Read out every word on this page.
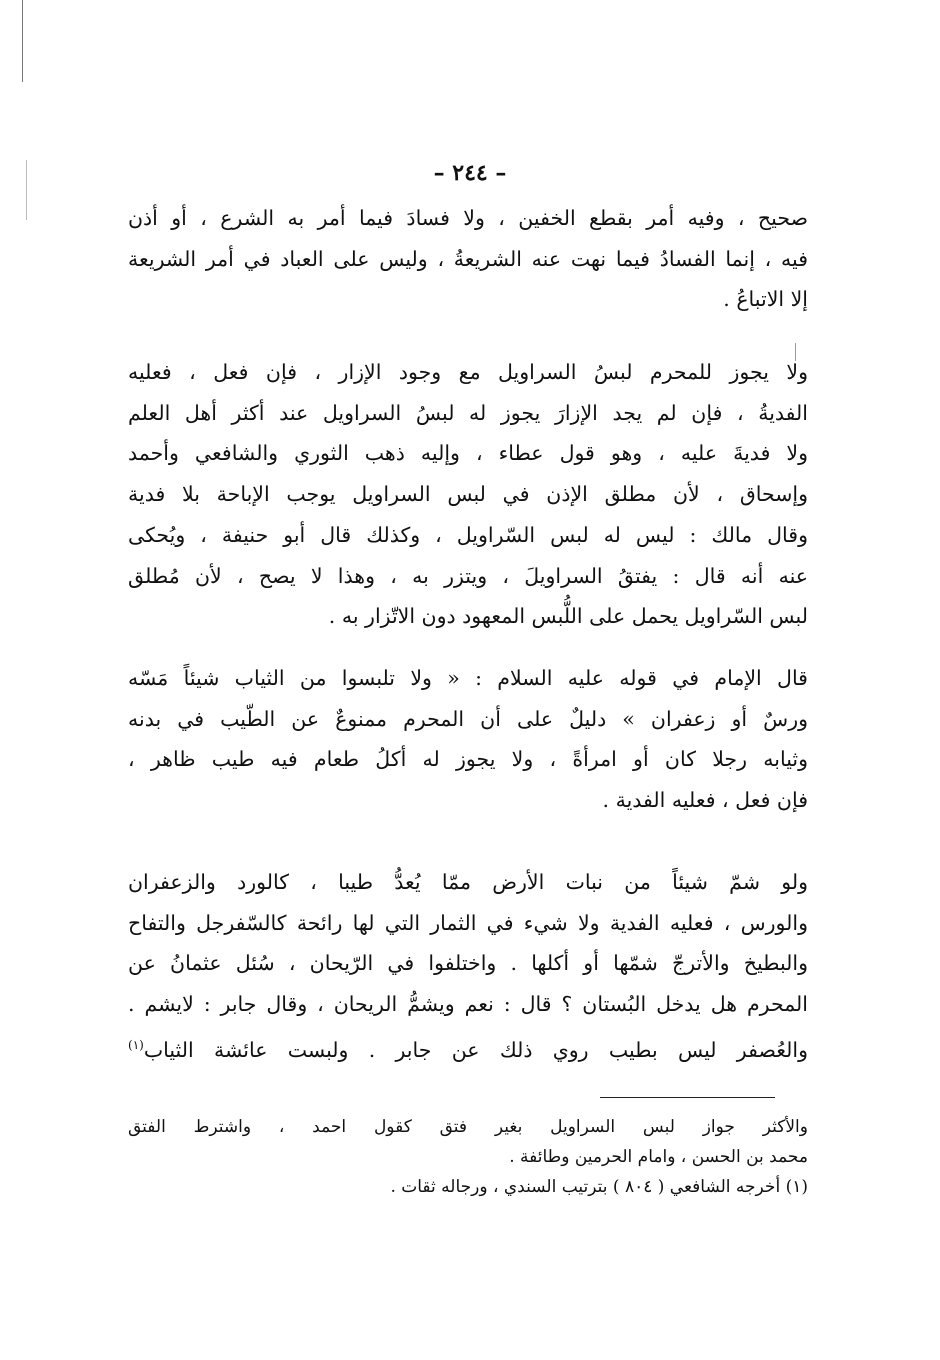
– ٢٤٤ –

صحيح ، وفيه أمر بقطع الخفين ، ولا فسادَ فيما أمر به الشرع ، أو أذن

فيه ، إنما الفسادُ فيما نهت عنه الشريعةُ ، وليس على العباد في أمر الشريعة

إلا الاتباعُ .

ولا يجوز للمحرم لبسُ السراويل مع وجود الإزار ، فإن فعل ، فعليه

الفديةُ ، فإن لم يجد الإزارَ يجوز له لبسُ السراويل عند أكثر أهل العلم

ولا فديةَ عليه ، وهو قول عطاء ، وإليه ذهب الثوري والشافعي وأحمد

وإسحاق ، لأن مطلق الإذن في لبس السراويل يوجب الإباحة بلا فدية

وقال مالك : ليس له لبس السّراويل ، وكذلك قال أبو حنيفة ، ويُحكى

عنه أنه قال : يفتقُ السراويلَ ، ويتزر به ، وهذا لا يصح ، لأن مُطلق

لبس السّراويل يحمل على اللُّبس المعهود دون الاتّزار به .

قال الإمام في قوله عليه السلام : « ولا تلبسوا من الثياب شيئاً مَسّه

ورسٌ أو زعفران » دليلٌ على أن المحرم ممنوعٌ عن الطّيب في بدنه

وثيابه رجلا كان أو امرأةً ، ولا يجوز له أكلُ طعام فيه طيب ظاهر ،

فإن فعل ، فعليه الفدية .

ولو شمّ شيئاً من نبات الأرض ممّا يُعدُّ طيبا ، كالورد والزعفران

والورس ، فعليه الفدية ولا شيء في الثمار التي لها رائحة كالسّفرجل والتفاح

والبطيخ والأترجّ شمّها أو أكلها . واختلفوا في الرّيحان ، سُئل عثمانُ عن

المحرم هل يدخل البُستان ؟ قال : نعم ويشمُّ الريحان ، وقال جابر : لايشم .

والعُصفر ليس بطيب روي ذلك عن جابر . ولبست عائشة الثياب$^{(١)}$

والأكثر جواز لبس السراويل بغير فتق كقول احمد ، واشترط الفتق

محمد بن الحسن ، وامام الحرمين وطائفة .

(١) أخرجه الشافعي ( ٨٠٤ ) بترتيب السندي ، ورجاله ثقات .
